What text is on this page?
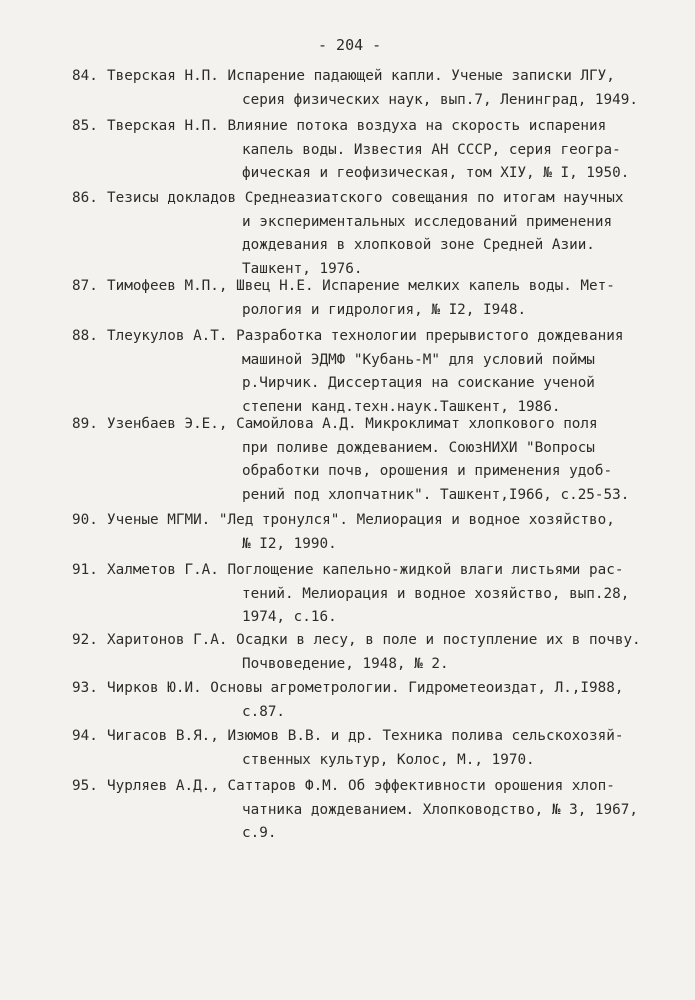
- 204 -
84. Тверская Н.П. Испарение падающей капли. Ученые записки ЛГУ,
серия физических наук, вып.7, Ленинград, 1949.
85. Тверская Н.П. Влияние потока воздуха на скорость испарения
капель воды. Известия АН СССР, серия геогра-
фическая и геофизическая, том XIУ, № I, 1950.
86. Тезисы докладов Среднеазиатского совещания по итогам научных
и экспериментальных исследований применения
дождевания в хлопковой зоне Средней Азии.
Ташкент, 1976.
87. Тимофеев М.П., Швец Н.Е. Испарение мелких капель воды. Мет-
рология и гидрология, № I2, I948.
88. Тлеукулов А.Т. Разработка технологии прерывистого дождевания
машиной ЭДМФ "Кубань-М" для условий поймы
р.Чирчик. Диссертация на соискание ученой
степени канд.техн.наук.Ташкент, 1986.
89. Узенбаев Э.Е., Самойлова А.Д. Микроклимат хлопкового поля
при поливе дождеванием. СоюзНИХИ "Вопросы
обработки почв, орошения и применения удоб-
рений под хлопчатник". Ташкент,I966, с.25-53.
90. Ученые МГМИ. "Лед тронулся". Мелиорация и водное хозяйство,
№ I2, 1990.
91. Халметов Г.А. Поглощение капельно-жидкой влаги листьями рас-
тений. Мелиорация и водное хозяйство, вып.28,
1974, с.16.
92. Харитонов Г.А. Осадки в лесу, в поле и поступление их в почву.
Почвоведение, 1948, № 2.
93. Чирков Ю.И. Основы агрометрологии. Гидрометеоиздат, Л.,I988,
с.87.
94. Чигасов В.Я., Изюмов В.В. и др. Техника полива сельскохозяй-
ственных культур, Колос, М., 1970.
95. Чурляев А.Д., Саттаров Ф.М. Об эффективности орошения хлоп-
чатника дождеванием. Хлопководство, № 3, 1967,
с.9.
